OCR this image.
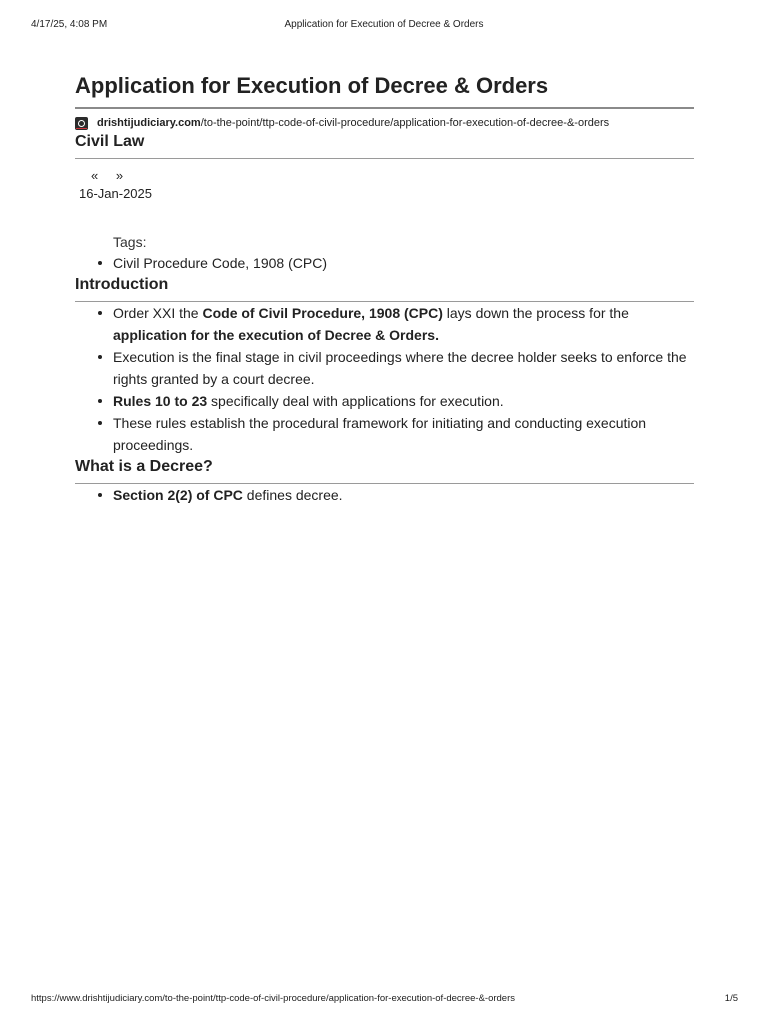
4/17/25, 4:08 PM	Application for Execution of Decree & Orders
Application for Execution of Decree & Orders
drishtijudiciary.com/to-the-point/ttp-code-of-civil-procedure/application-for-execution-of-decree-&-orders
Civil Law
« »
16-Jan-2025
Tags:
Civil Procedure Code, 1908 (CPC)
Introduction
Order XXI the Code of Civil Procedure, 1908 (CPC) lays down the process for the application for the execution of Decree & Orders.
Execution is the final stage in civil proceedings where the decree holder seeks to enforce the rights granted by a court decree.
Rules 10 to 23 specifically deal with applications for execution.
These rules establish the procedural framework for initiating and conducting execution proceedings.
What is a Decree?
Section 2(2) of CPC defines decree.
https://www.drishtijudiciary.com/to-the-point/ttp-code-of-civil-procedure/application-for-execution-of-decree-&-orders	1/5
